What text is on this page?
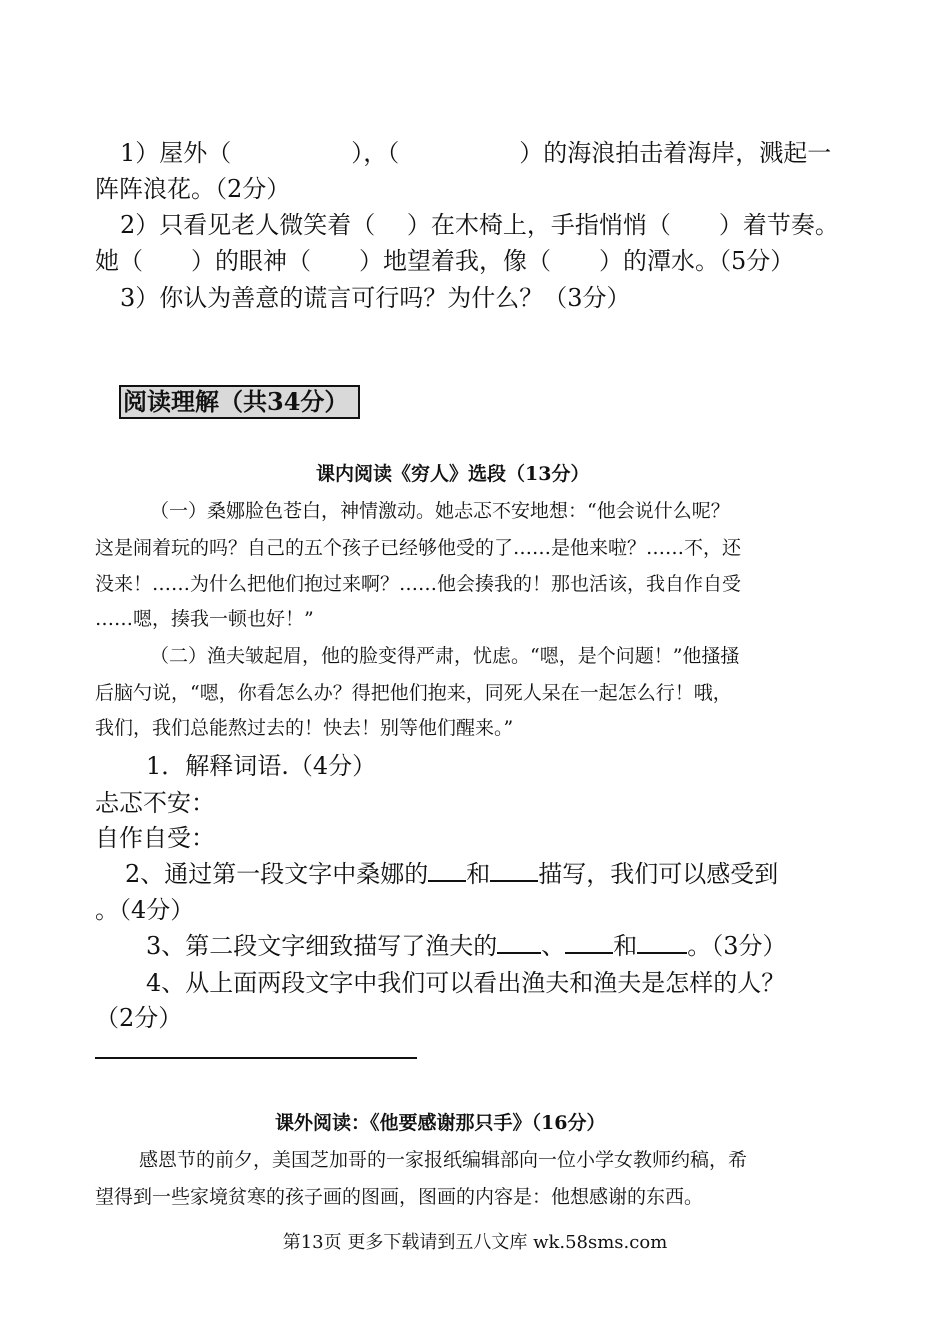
1）屋外（　　　　　），（　　　　　）的海浪拍击着海岸，溅起一
阵阵浪花。（2分）
2）只看见老人微笑着（　 ）在木椅上，手指悄悄（　　）着节奏。
她（　　）的眼神（　　）地望着我，像（　　）的潭水。（5分）
3）你认为善意的谎言可行吗？为什么？（3分）
阅读理解（共34分）
课内阅读《穷人》选段（13分）
（一）桑娜脸色苍白，神情激动。她忐忑不安地想：“他会说什么呢？
这是闹着玩的吗？自己的五个孩子已经够他受的了……是他来啦？……不，还
没来！……为什么把他们抱过来啊？……他会揍我的！那也活该，我自作自受
……嗯，揍我一顿也好！”
（二）渔夫皱起眉，他的脸变得严肃，忧虑。“嗯，是个问题！”他搔搔
后脑勺说，“嗯，你看怎么办？得把他们抱来，同死人呆在一起怎么行！哦，
我们，我们总能熬过去的！快去！别等他们醒来。”
1．解释词语.（4分）
忐忑不安：
自作自受：
2、通过第一段文字中桑娜的 和 描写，我们可以感受到
。（4分）
3、第二段文字细致描写了渔夫的 、 和 。（3分）
4、从上面两段文字中我们可以看出渔夫和渔夫是怎样的人？
（2分）
课外阅读：《他要感谢那只手》（16分）
感恩节的前夕，美国芝加哥的一家报纸编辑部向一位小学女教师约稿，希
望得到一些家境贫寒的孩子画的图画，图画的内容是：他想感谢的东西。
第13页 更多下载请到五八文库 wk.58sms.com
